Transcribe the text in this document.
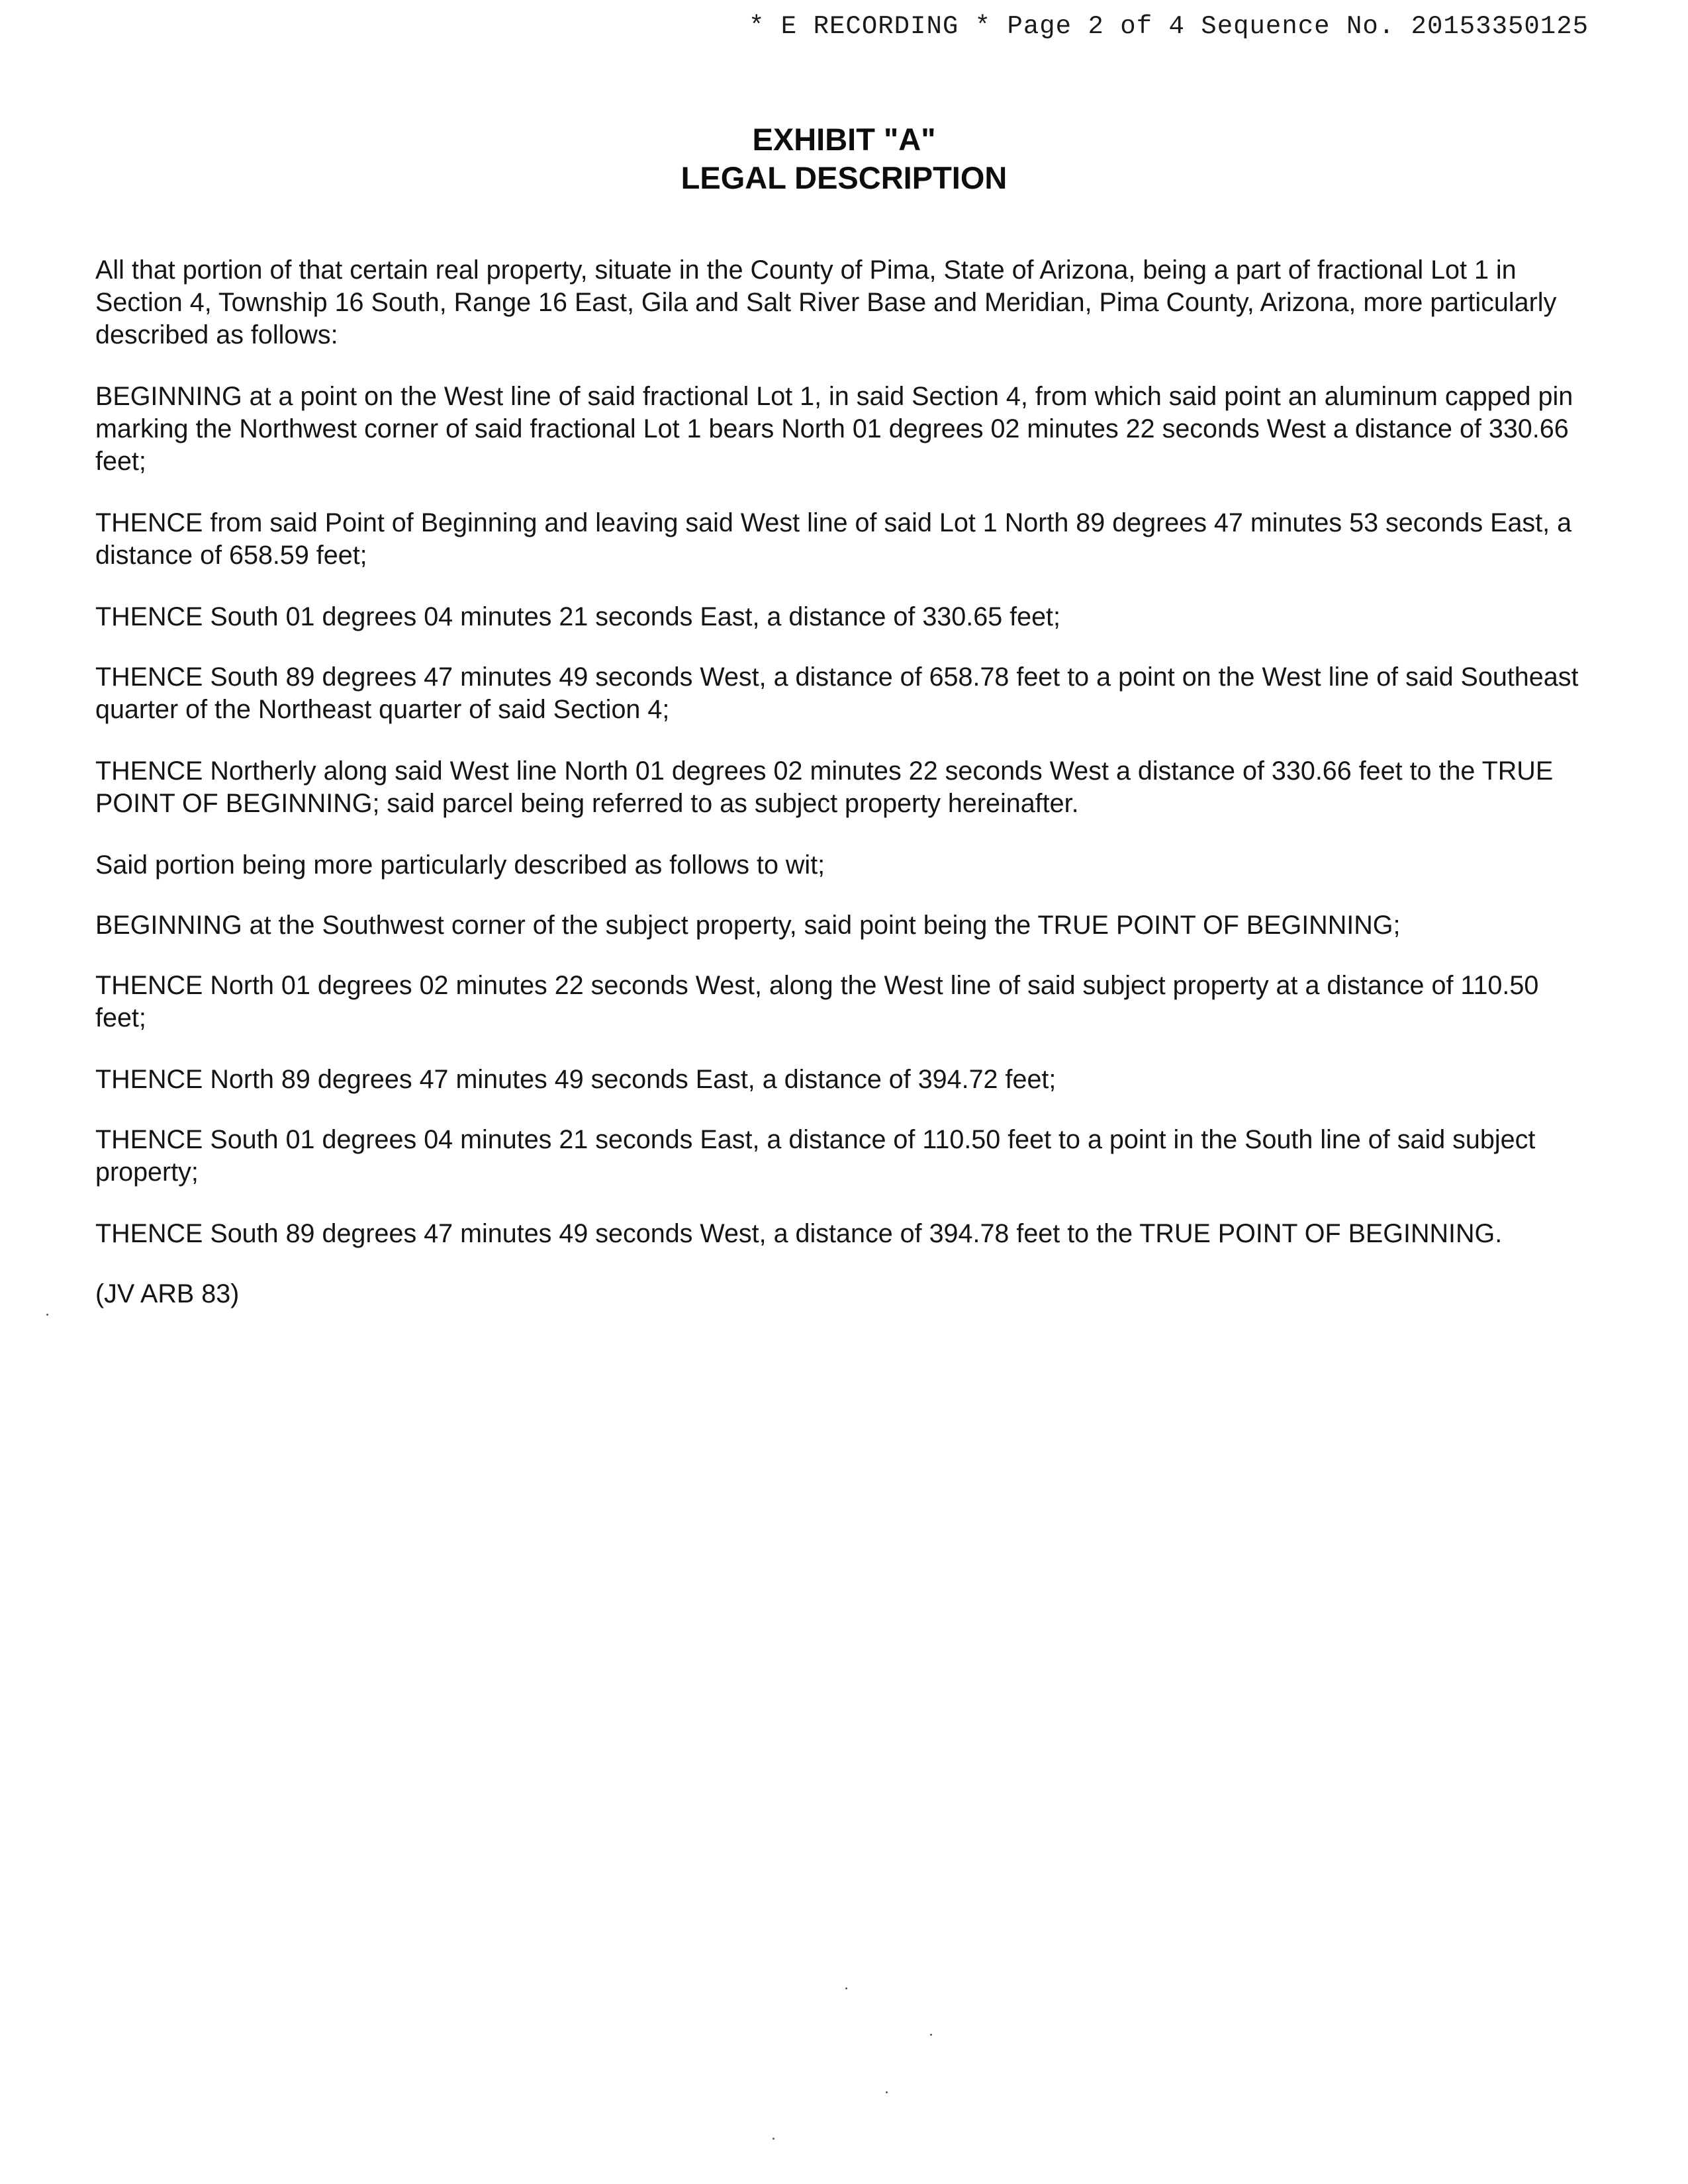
* E RECORDING * Page 2 of 4 Sequence No. 20153350125
EXHIBIT "A"
LEGAL DESCRIPTION

All that portion of that certain real property, situate in the County of Pima, State of Arizona, being a part of fractional Lot 1 in Section 4, Township 16 South, Range 16 East, Gila and Salt River Base and Meridian, Pima County, Arizona, more particularly described as follows:

BEGINNING at a point on the West line of said fractional Lot 1, in said Section 4, from which said point an aluminum capped pin marking the Northwest corner of said fractional Lot 1 bears North 01 degrees 02 minutes 22 seconds West a distance of 330.66 feet;

THENCE from said Point of Beginning and leaving said West line of said Lot 1 North 89 degrees 47 minutes 53 seconds East, a distance of 658.59 feet;

THENCE South 01 degrees 04 minutes 21 seconds East, a distance of 330.65 feet;

THENCE South 89 degrees 47 minutes 49 seconds West, a distance of 658.78 feet to a point on the West line of said Southeast quarter of the Northeast quarter of said Section 4;

THENCE Northerly along said West line North 01 degrees 02 minutes 22 seconds West a distance of 330.66 feet to the TRUE POINT OF BEGINNING; said parcel being referred to as subject property hereinafter.

Said portion being more particularly described as follows to wit;

BEGINNING at the Southwest corner of the subject property, said point being the TRUE POINT OF BEGINNING;

THENCE North 01 degrees 02 minutes 22 seconds West, along the West line of said subject property at a distance of 110.50 feet;

THENCE North 89 degrees 47 minutes 49 seconds East, a distance of 394.72 feet;

THENCE South 01 degrees 04 minutes 21 seconds East, a distance of 110.50 feet to a point in the South line of said subject property;

THENCE South 89 degrees 47 minutes 49 seconds West, a distance of 394.78 feet to the TRUE POINT OF BEGINNING.

(JV ARB 83)
